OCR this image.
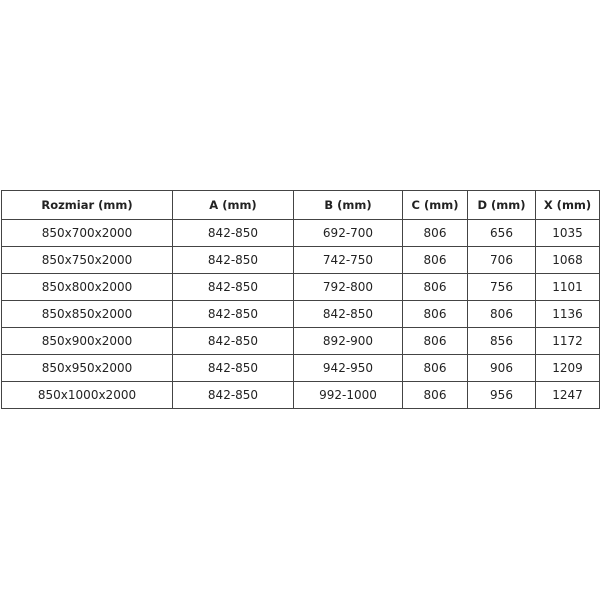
Rozmiar (mm)	A (mm)	B (mm)	C (mm)	D (mm)	X (mm)
850x700x2000	842-850	692-700	806	656	1035
850x750x2000	842-850	742-750	806	706	1068
850x800x2000	842-850	792-800	806	756	1101
850x850x2000	842-850	842-850	806	806	1136
850x900x2000	842-850	892-900	806	856	1172
850x950x2000	842-850	942-950	806	906	1209
850x1000x2000	842-850	992-1000	806	956	1247
